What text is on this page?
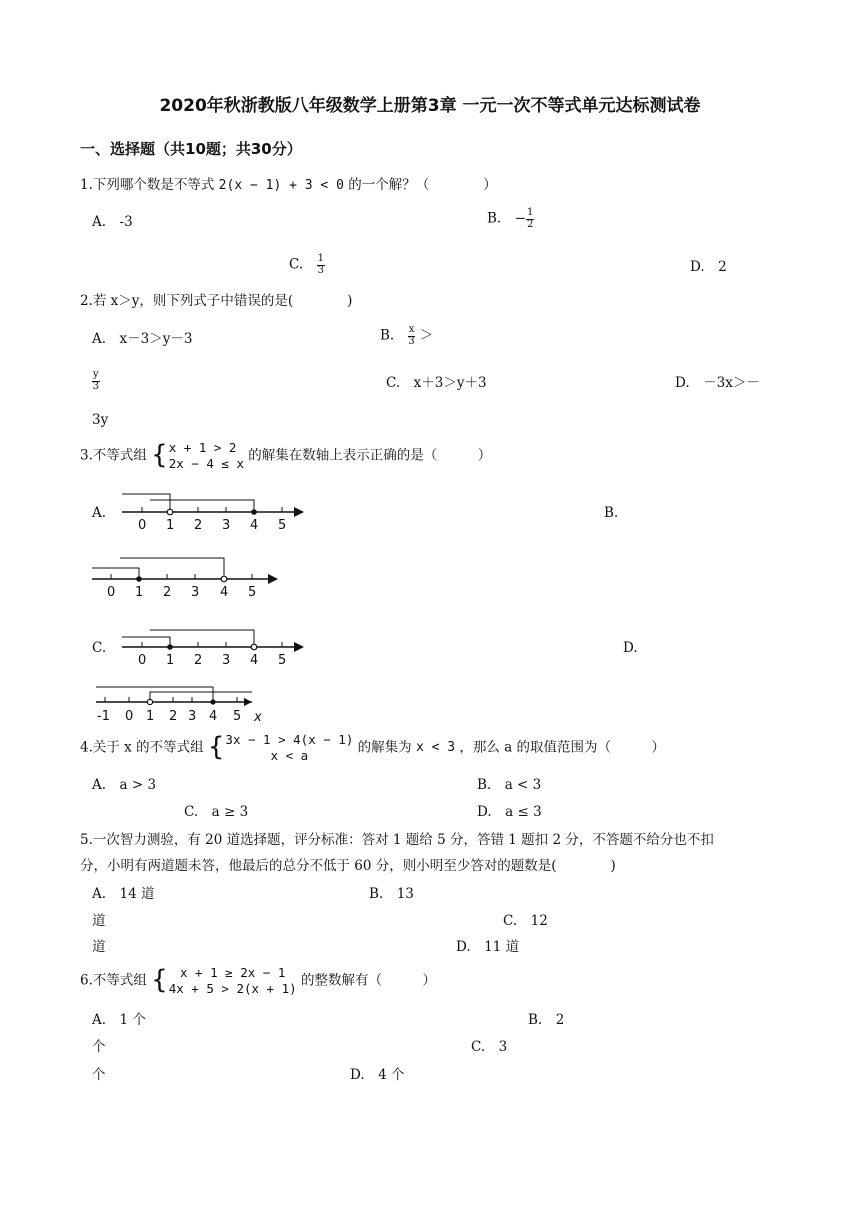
2020年秋浙教版八年级数学上册第3章 一元一次不等式单元达标测试卷
一、选择题（共10题；共30分）
1.下列哪个数是不等式 2(x − 1) + 3 < 0 的一个解？（　　　　）
A.　-3	B.　− $\frac{1}{2}$
C.　 $\frac{1}{3}$	D.　2
2.若 x＞y，则下列式子中错误的是(　　　　)
A.　x－3＞y－3	B.　 $\frac{x}{3}$ ＞
$\frac{y}{3}$	C.　x＋3＞y＋3	D.　－3x＞－
3y
3.不等式组 { x + 1 > 2
2x − 4 ≤ x 的解集在数轴上表示正确的是（　　　）
A.
0 1 2 3 4 5
B.
0 1 2 3 4 5
C.
0 1 2 3 4 5
D.
-1 0 1 2 3 4 5 x
4.关于 x 的不等式组 { 3x − 1 > 4(x − 1)
x < a	的解集为 x < 3 ，那么 a 的取值范围为（　　　）
A.　a > 3	B.　a < 3
C.　a ≥ 3	D.　a ≤ 3
5.一次智力测验，有 20 道选择题，评分标准：答对 1 题给 5 分，答错 1 题扣 2 分，不答题不给分也不扣
分，小明有两道题未答，他最后的总分不低于 60 分，则小明至少答对的题数是(　　　　)
A.　14 道	B.　13
道	C.　12
道	D.　11 道
6.不等式组 { x + 1 ≥ 2x − 1
4x + 5 > 2(x + 1) 的整数解有（　　　）
A.　1 个	B.　2
个	C.　3
个	D.　4 个
